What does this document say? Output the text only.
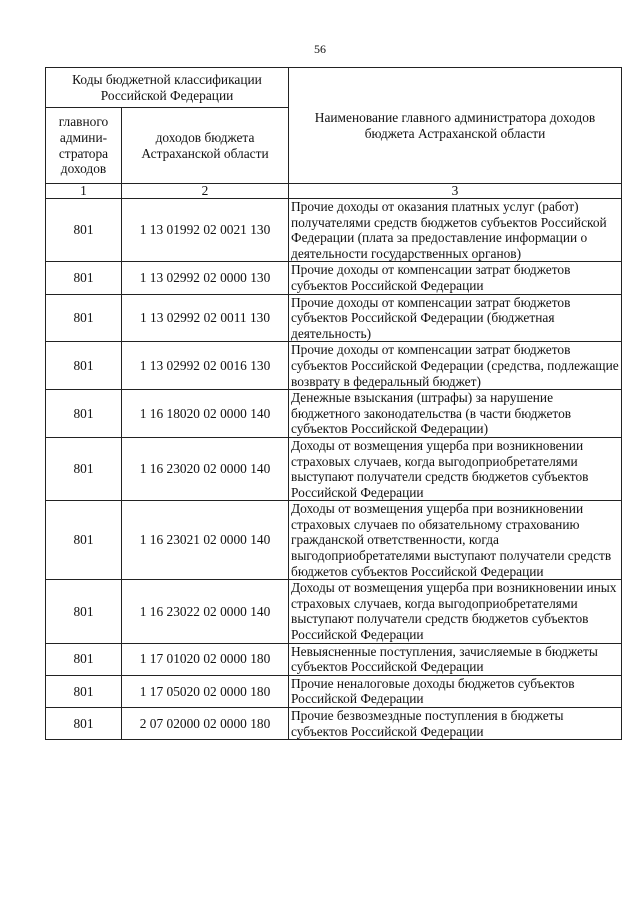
56
Коды бюджетной классификации Российской Федерации		Наименование главного администратора доходов бюджета Астраханской области
главного админи-стратора доходов	доходов бюджета Астраханской области	
1	2	3
801	1 13 01992 02 0021 130	Прочие доходы от оказания платных услуг (работ) получателями средств бюджетов субъектов Российской Федерации (плата за предоставление информации о деятельности государственных органов)
801	1 13 02992 02 0000 130	Прочие доходы от компенсации затрат бюджетов субъектов Российской Федерации
801	1 13 02992 02 0011 130	Прочие доходы от компенсации затрат бюджетов субъектов Российской Федерации (бюджетная деятельность)
801	1 13 02992 02 0016 130	Прочие доходы от компенсации затрат бюджетов субъектов Российской Федерации (средства, подлежащие возврату в федеральный бюджет)
801	1 16 18020 02 0000 140	Денежные взыскания (штрафы) за нарушение бюджетного законодательства (в части бюджетов субъектов Российской Федерации)
801	1 16 23020 02 0000 140	Доходы от возмещения ущерба при возникновении страховых случаев, когда выгодоприобретателями выступают получатели средств бюджетов субъектов Российской Федерации
801	1 16 23021 02 0000 140	Доходы от возмещения ущерба при возникновении страховых случаев по обязательному страхованию гражданской ответственности, когда выгодоприобретателями выступают получатели средств бюджетов субъектов Российской Федерации
801	1 16 23022 02 0000 140	Доходы от возмещения ущерба при возникновении иных страховых случаев, когда выгодоприобретателями выступают получатели средств бюджетов субъектов Российской Федерации
801	1 17 01020 02 0000 180	Невыясненные поступления, зачисляемые в бюджеты субъектов Российской Федерации
801	1 17 05020 02 0000 180	Прочие неналоговые доходы бюджетов субъектов Российской Федерации
801	2 07 02000 02 0000 180	Прочие безвозмездные поступления в бюджеты субъектов Российской Федерации
